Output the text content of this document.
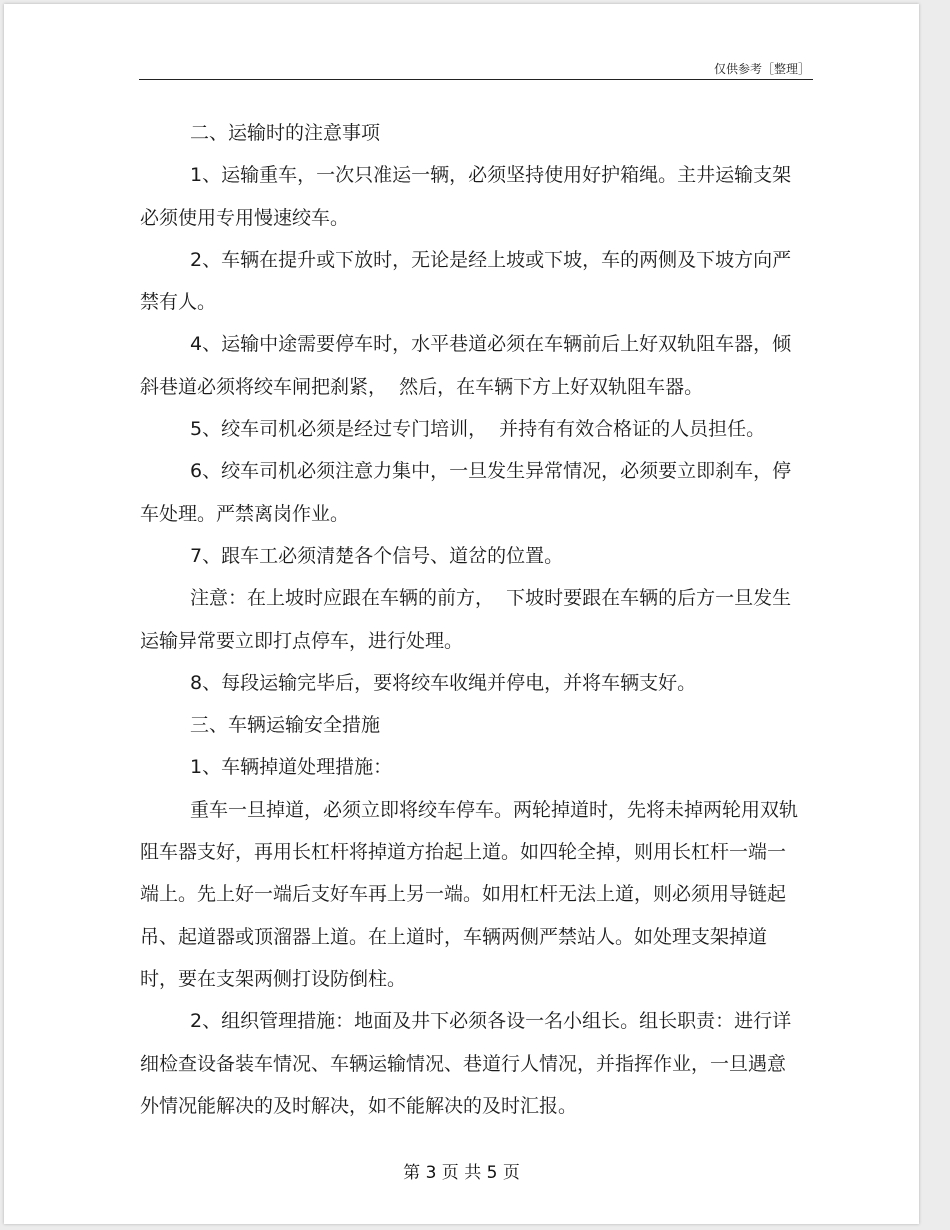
仅供参考［整理］

二、运输时的注意事项

1、运输重车，一次只准运一辆，必须坚持使用好护箱绳。主井运输支架必须使用专用慢速绞车。

2、车辆在提升或下放时，无论是经上坡或下坡，车的两侧及下坡方向严禁有人。

4、运输中途需要停车时，水平巷道必须在车辆前后上好双轨阻车器，倾斜巷道必须将绞车闸把刹紧，  然后，在车辆下方上好双轨阻车器。

5、绞车司机必须是经过专门培训，  并持有有效合格证的人员担任。

6、绞车司机必须注意力集中，一旦发生异常情况，必须要立即刹车，停车处理。严禁离岗作业。

7、跟车工必须清楚各个信号、道岔的位置。

注意：在上坡时应跟在车辆的前方，  下坡时要跟在车辆的后方一旦发生运输异常要立即打点停车，进行处理。

8、每段运输完毕后，要将绞车收绳并停电，并将车辆支好。

三、车辆运输安全措施

1、车辆掉道处理措施：

重车一旦掉道，必须立即将绞车停车。两轮掉道时，先将未掉两轮用双轨阻车器支好，再用长杠杆将掉道方抬起上道。如四轮全掉，则用长杠杆一端一端上。先上好一端后支好车再上另一端。如用杠杆无法上道，则必须用导链起吊、起道器或顶溜器上道。在上道时，车辆两侧严禁站人。如处理支架掉道时，要在支架两侧打设防倒柱。

2、组织管理措施：地面及井下必须各设一名小组长。组长职责：进行详细检查设备装车情况、车辆运输情况、巷道行人情况，并指挥作业，一旦遇意外情况能解决的及时解决，如不能解决的及时汇报。

第 3 页 共 5 页
